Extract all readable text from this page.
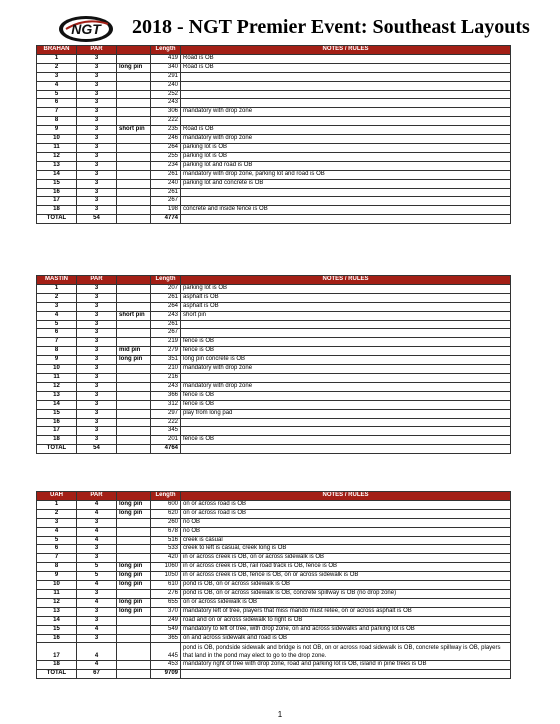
NGT 2018 - NGT Premier Event: Southeast Layouts
BRAHAN	PAR		Length	NOTES / RULES
1	3		419	Road is OB
2	3	long pin	340	Road is OB
3	3		291	
4	3		240	
5	3		252	
6	3		243	
7	3		306	mandatory with drop zone
8	3		222	
9	3	short pin	235	Road is OB
10	3		246	mandatory with drop zone
11	3		264	parking lot is OB
12	3		255	parking lot is OB
13	3		234	parking lot and road is OB
14	3		261	mandatory with drop zone, parking lot and road is OB
15	3		240	parking lot and concrete is OB
16	3		261	
17	3		267	
18	3		198	concrete and inside fence is OB
TOTAL	54		4774	
MASTIN	PAR		Length	NOTES / RULES
1	3		207	parking lot is OB
2	3		261	asphalt is OB
3	3		264	asphalt is OB
4	3	short pin	243	short pin
5	3		261	
6	3		267	
7	3		219	fence is OB
8	3	mid pin	279	fence is OB
9	3	long pin	351	long pin concrete is OB
10	3		210	mandatory with drop zone
11	3		216	
12	3		243	mandatory with drop zone
13	3		366	fence is OB
14	3		312	fence is OB
15	3		297	play from long pad
16	3		222	
17	3		345	
18	3		201	fence is OB
TOTAL	54		4764	
UAH	PAR		Length	NOTES / RULES
1	4	long pin	600	on or across road is OB
2	4	long pin	620	on or across road is OB
3	3		260	no OB
4	4		678	no OB
5	4		516	creek is casual
6	3		533	creek to left is casual, creek long is OB
7	3		420	in or across creek is OB, on or across sidewalk is OB
8	5	long pin	1060	in or across creek is OB, rail road track is OB, fence is OB
9	5	long pin	1050	in or across creek is OB, fence is OB, on or across sidewalk is OB
10	4	long pin	610	pond is OB, on or across sidewalk is OB
11	3		276	pond is OB, on or across sidewalk is OB, concrete spillway is OB (no drop zone)
12	4	long pin	655	on or across sidewalk is OB
13	3	long pin	370	mandatory left of tree, players that miss mando must retee, on or across asphalt is OB
14	3		249	road and on or across sidewalk to right is OB
15	4		549	mandatory to left of tree, with drop zone, on and across sidewalks and parking lot is OB
16	3		365	on and across sidewalk and road is OB
17	4		445	pond is OB, pondside sidewalk and bridge is not OB, on or across road sidewalk is OB, concrete spillway is OB, players that land in the pond may elect to go to the drop zone.
18	4		453	mandatory right of tree with drop zone, road and parking lot is OB, island in pine trees is OB
TOTAL	67		9709	
1
